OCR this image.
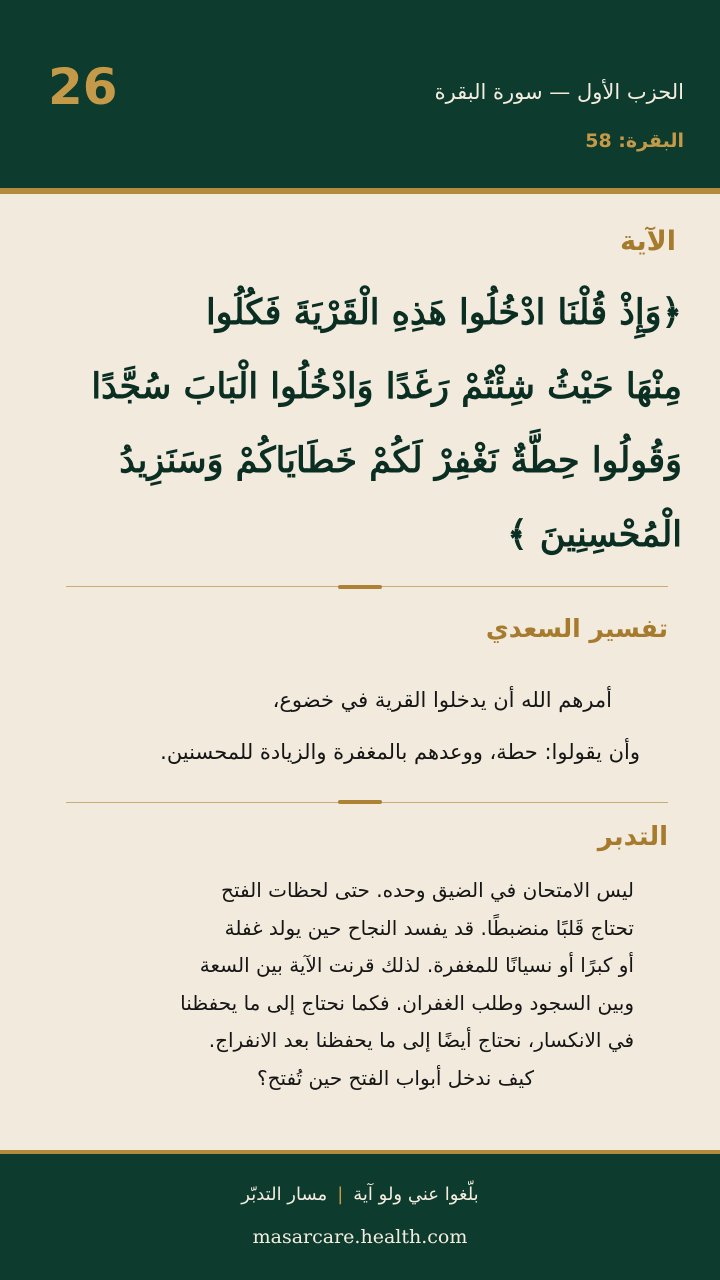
26	الحزب الأول — سورة البقرة
البقرة: 58
الآية
﴿وَإِذْ قُلْنَا ادْخُلُوا هَذِهِ الْقَرْيَةَ فَكُلُوا
مِنْهَا حَيْثُ شِئْتُمْ رَغَدًا وَادْخُلُوا الْبَابَ سُجَّدًا
وَقُولُوا حِطَّةٌ نَغْفِرْ لَكُمْ خَطَايَاكُمْ وَسَنَزِيدُ
الْمُحْسِنِينَ ﴾
تفسير السعدي
أمرهم الله أن يدخلوا القرية في خضوع،
وأن يقولوا: حطة، ووعدهم بالمغفرة والزيادة للمحسنين.
التدبر
ليس الامتحان في الضيق وحده. حتى لحظات الفتح
تحتاج قَلبًا منضبطًا. قد يفسد النجاح حين يولد غفلة
أو كبرًا أو نسيانًا للمغفرة. لذلك قرنت الآية بين السعة
وبين السجود وطلب الغفران. فكما نحتاج إلى ما يحفظنا
في الانكسار، نحتاج أيضًا إلى ما يحفظنا بعد الانفراج.
كيف ندخل أبواب الفتح حين تُفتح؟
بلّغوا عني ولو آية|مسار التدبّر
masarcare.health.com
